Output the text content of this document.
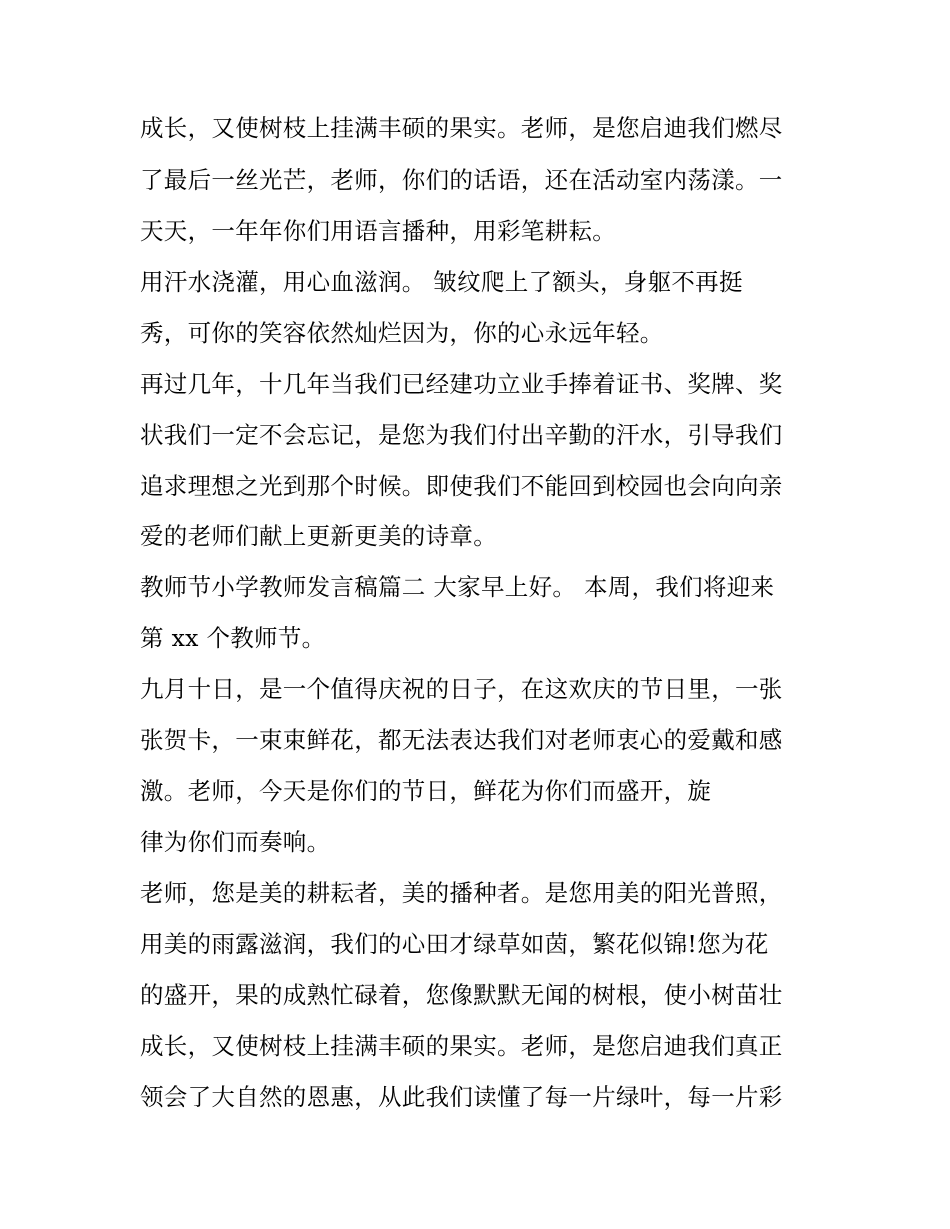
成长，又使树枝上挂满丰硕的果实。老师，是您启迪我们燃尽
了最后一丝光芒，老师，你们的话语，还在活动室内荡漾。一
天天，一年年你们用语言播种，用彩笔耕耘。
用汗水浇灌，用心血滋润。 皱纹爬上了额头，身躯不再挺
秀，可你的笑容依然灿烂因为，你的心永远年轻。
再过几年，十几年当我们已经建功立业手捧着证书、奖牌、奖
状我们一定不会忘记，是您为我们付出辛勤的汗水，引导我们
追求理想之光到那个时候。即使我们不能回到校园也会向向亲
爱的老师们献上更新更美的诗章。
教师节小学教师发言稿篇二 大家早上好。 本周，我们将迎来
第 xx 个教师节。
九月十日，是一个值得庆祝的日子，在这欢庆的节日里，一张
张贺卡，一束束鲜花，都无法表达我们对老师衷心的爱戴和感
激。老师，今天是你们的节日，鲜花为你们而盛开，旋
律为你们而奏响。
老师，您是美的耕耘者，美的播种者。是您用美的阳光普照，
用美的雨露滋润，我们的心田才绿草如茵，繁花似锦!您为花
的盛开，果的成熟忙碌着，您像默默无闻的树根，使小树苗壮
成长，又使树枝上挂满丰硕的果实。老师，是您启迪我们真正
领会了大自然的恩惠，从此我们读懂了每一片绿叶，每一片彩
